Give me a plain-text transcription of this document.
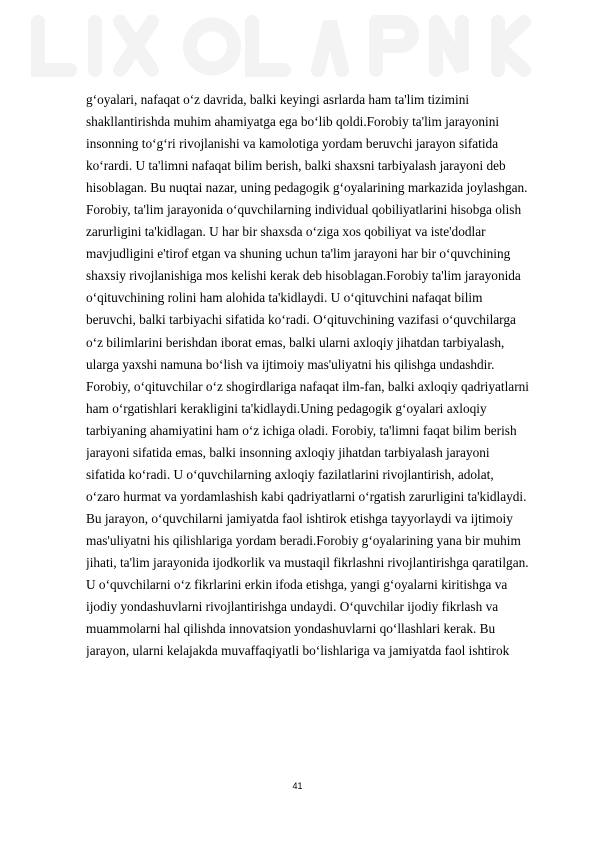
g‘oyalari, nafaqat o‘z davrida, balki keyingi asrlarda ham ta'lim tizimini
shakllantirishda muhim ahamiyatga ega bo‘lib qoldi.Forobiy ta'lim jarayonini
insonning to‘g‘ri rivojlanishi va kamolotiga yordam beruvchi jarayon sifatida
ko‘rardi. U ta'limni nafaqat bilim berish, balki shaxsni tarbiyalash jarayoni deb
hisoblagan. Bu nuqtai nazar, uning pedagogik g‘oyalarining markazida joylashgan.
Forobiy, ta'lim jarayonida o‘quvchilarning individual qobiliyatlarini hisobga olish
zarurligini ta'kidlagan. U har bir shaxsda o‘ziga xos qobiliyat va iste'dodlar
mavjudligini e'tirof etgan va shuning uchun ta'lim jarayoni har bir o‘quvchining
shaxsiy rivojlanishiga mos kelishi kerak deb hisoblagan.Forobiy ta'lim jarayonida
o‘qituvchining rolini ham alohida ta'kidlaydi. U o‘qituvchini nafaqat bilim
beruvchi, balki tarbiyachi sifatida ko‘radi. O‘qituvchining vazifasi o‘quvchilarga
o‘z bilimlarini berishdan iborat emas, balki ularni axloqiy jihatdan tarbiyalash,
ularga yaxshi namuna bo‘lish va ijtimoiy mas'uliyatni his qilishga undashdir.
Forobiy, o‘qituvchilar o‘z shogirdlariga nafaqat ilm-fan, balki axloqiy qadriyatlarni
ham o‘rgatishlari kerakligini ta'kidlaydi.Uning pedagogik g‘oyalari axloqiy
tarbiyaning ahamiyatini ham o‘z ichiga oladi. Forobiy, ta'limni faqat bilim berish
jarayoni sifatida emas, balki insonning axloqiy jihatdan tarbiyalash jarayoni
sifatida ko‘radi. U o‘quvchilarning axloqiy fazilatlarini rivojlantirish, adolat,
o‘zaro hurmat va yordamlashish kabi qadriyatlarni o‘rgatish zarurligini ta'kidlaydi.
Bu jarayon, o‘quvchilarni jamiyatda faol ishtirok etishga tayyorlaydi va ijtimoiy
mas'uliyatni his qilishlariga yordam beradi.Forobiy g‘oyalarining yana bir muhim
jihati, ta'lim jarayonida ijodkorlik va mustaqil fikrlashni rivojlantirishga qaratilgan.
U o‘quvchilarni o‘z fikrlarini erkin ifoda etishga, yangi g‘oyalarni kiritishga va
ijodiy yondashuvlarni rivojlantirishga undaydi. O‘quvchilar ijodiy fikrlash va
muammolarni hal qilishda innovatsion yondashuvlarni qo‘llashlari kerak. Bu
jarayon, ularni kelajakda muvaffaqiyatli bo‘lishlariga va jamiyatda faol ishtirok
41
